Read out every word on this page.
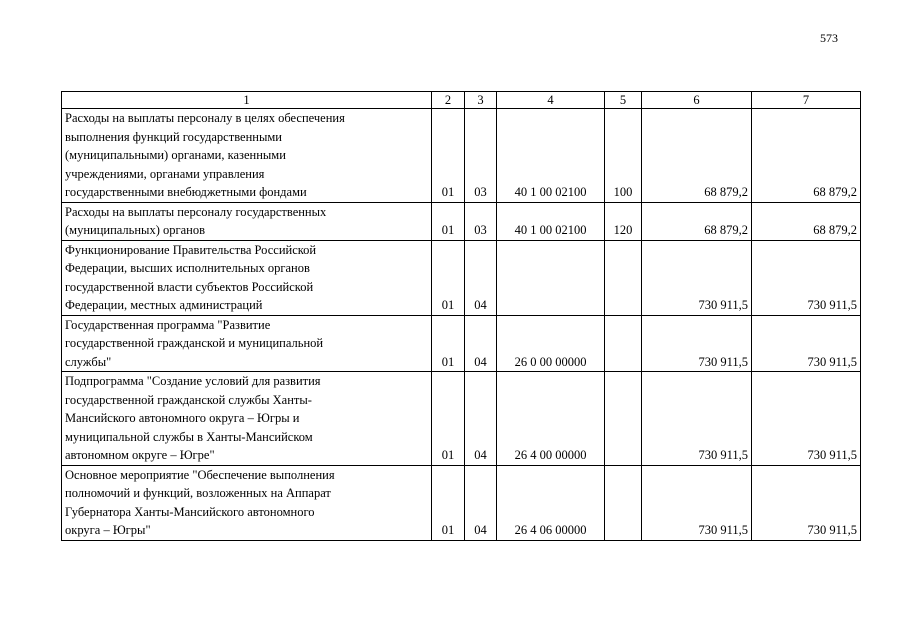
573
1	2	3	4	5	6	7
Расходы на выплаты персоналу в целях обеспечения
выполнения функций государственными
(муниципальными) органами, казенными
учреждениями, органами управления
государственными внебюджетными фондами	01	03	40 1 00 02100	100	68 879,2	68 879,2
Расходы на выплаты персоналу государственных
(муниципальных) органов	01	03	40 1 00 02100	120	68 879,2	68 879,2
Функционирование Правительства Российской
Федерации, высших исполнительных органов
государственной власти субъектов Российской
Федерации, местных администраций	01	04			730 911,5	730 911,5
Государственная программа "Развитие
государственной гражданской и муниципальной
службы"	01	04	26 0 00 00000		730 911,5	730 911,5
Подпрограмма "Создание условий для развития
государственной гражданской службы Ханты-
Мансийского автономного округа – Югры и
муниципальной службы в Ханты-Мансийском
автономном округе – Югре"	01	04	26 4 00 00000		730 911,5	730 911,5
Основное мероприятие "Обеспечение выполнения
полномочий и функций, возложенных на Аппарат
Губернатора Ханты-Мансийского автономного
округа – Югры"	01	04	26 4 06 00000		730 911,5	730 911,5
